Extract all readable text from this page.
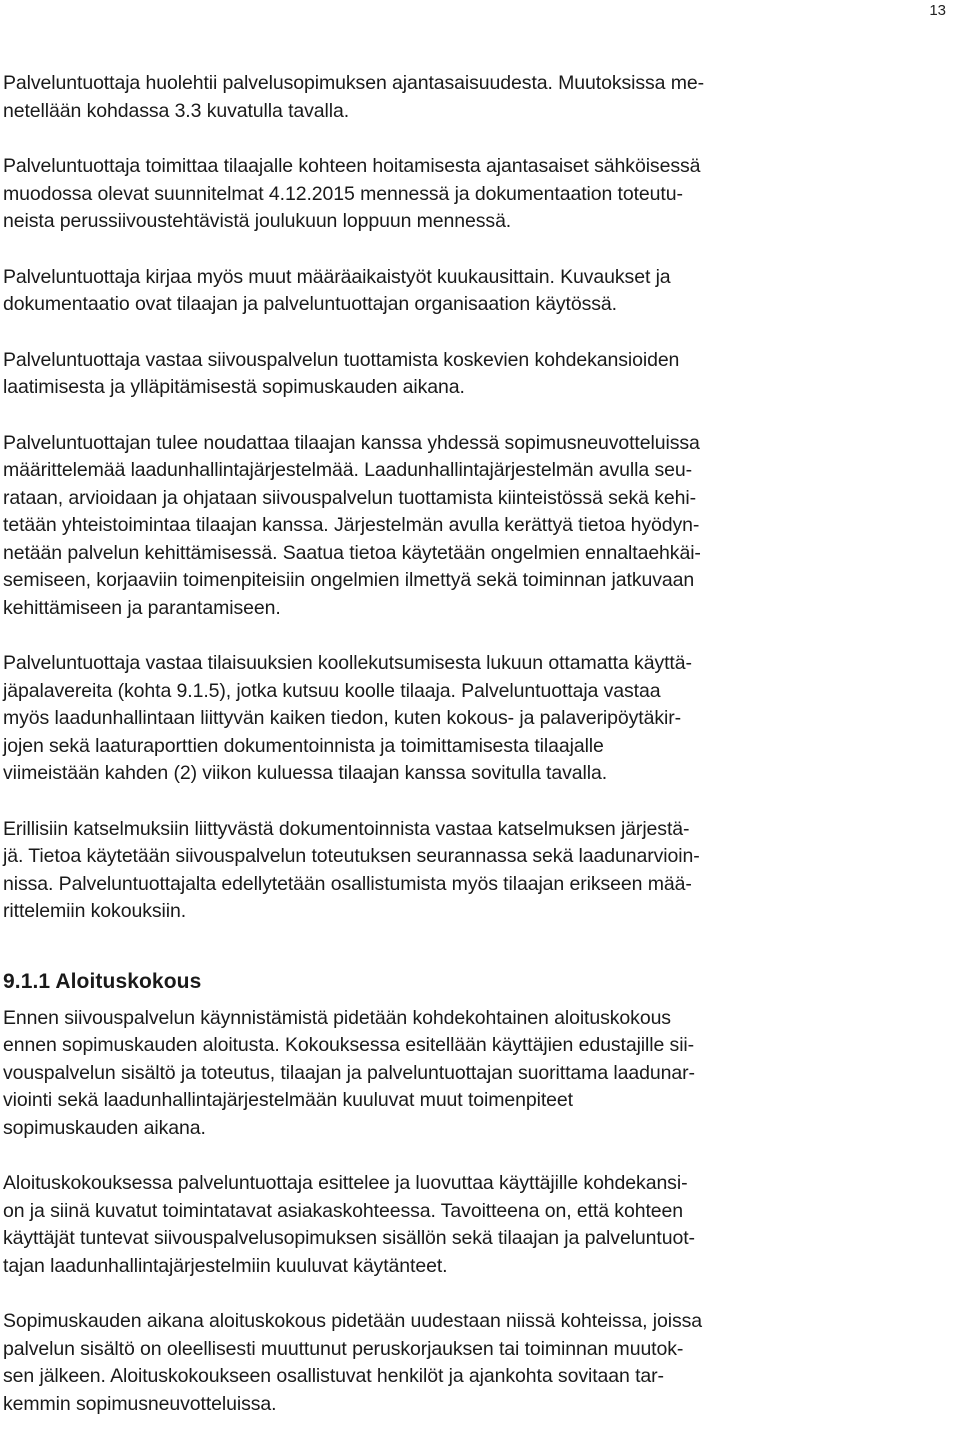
13

Palveluntuottaja huolehtii palvelusopimuksen ajantasaisuudesta. Muutoksissa me-
netellään kohdassa 3.3 kuvatulla tavalla.

Palveluntuottaja toimittaa tilaajalle kohteen hoitamisesta ajantasaiset sähköisessä
muodossa olevat suunnitelmat 4.12.2015 mennessä ja dokumentaation toteutu-
neista perussiivoustehtävistä joulukuun loppuun mennessä.

Palveluntuottaja kirjaa myös muut määräaikaistyöt kuukausittain. Kuvaukset ja
dokumentaatio ovat tilaajan ja palveluntuottajan organisaation käytössä.

Palveluntuottaja vastaa siivouspalvelun tuottamista koskevien kohdekansioiden
laatimisesta ja ylläpitämisestä sopimuskauden aikana.

Palveluntuottajan tulee noudattaa tilaajan kanssa yhdessä sopimusneuvotteluissa
määrittelemää laadunhallintajärjestelmää. Laadunhallintajärjestelmän avulla seu-
rataan, arvioidaan ja ohjataan siivouspalvelun tuottamista kiinteistössä sekä kehi-
tetään yhteistoimintaa tilaajan kanssa. Järjestelmän avulla kerättyä tietoa hyödyn-
netään palvelun kehittämisessä. Saatua tietoa käytetään ongelmien ennaltaehkäi-
semiseen, korjaaviin toimenpiteisiin ongelmien ilmettyä sekä toiminnan jatkuvaan
kehittämiseen ja parantamiseen.

Palveluntuottaja vastaa tilaisuuksien koollekutsumisesta lukuun ottamatta käyttä-
jäpalavereita (kohta 9.1.5), jotka kutsuu koolle tilaaja. Palveluntuottaja vastaa
myös laadunhallintaan liittyvän kaiken tiedon, kuten kokous- ja palaveripöytäkir-
jojen sekä laaturaporttien dokumentoinnista ja toimittamisesta tilaajalle
viimeistään kahden (2) viikon kuluessa tilaajan kanssa sovitulla tavalla.

Erillisiin katselmuksiin liittyvästä dokumentoinnista vastaa katselmuksen järjestä-
jä. Tietoa käytetään siivouspalvelun toteutuksen seurannassa sekä laadunarvioin-
nissa. Palveluntuottajalta edellytetään osallistumista myös tilaajan erikseen mää-
rittelemiin kokouksiin.

9.1.1 Aloituskokous

Ennen siivouspalvelun käynnistämistä pidetään kohdekohtainen aloituskokous
ennen sopimuskauden aloitusta. Kokouksessa esitellään käyttäjien edustajille sii-
vouspalvelun sisältö ja toteutus, tilaajan ja palveluntuottajan suorittama laadunar-
viointi sekä laadunhallintajärjestelmään kuuluvat muut toimenpiteet
sopimuskauden aikana.

Aloituskokouksessa palveluntuottaja esittelee ja luovuttaa käyttäjille kohdekansi-
on ja siinä kuvatut toimintatavat asiakaskohteessa. Tavoitteena on, että kohteen
käyttäjät tuntevat siivouspalvelusopimuksen sisällön sekä tilaajan ja palveluntuot-
tajan laadunhallintajärjestelmiin kuuluvat käytänteet.

Sopimuskauden aikana aloituskokous pidetään uudestaan niissä kohteissa, joissa
palvelun sisältö on oleellisesti muuttunut peruskorjauksen tai toiminnan muutok-
sen jälkeen. Aloituskokoukseen osallistuvat henkilöt ja ajankohta sovitaan tar-
kemmin sopimusneuvotteluissa.
